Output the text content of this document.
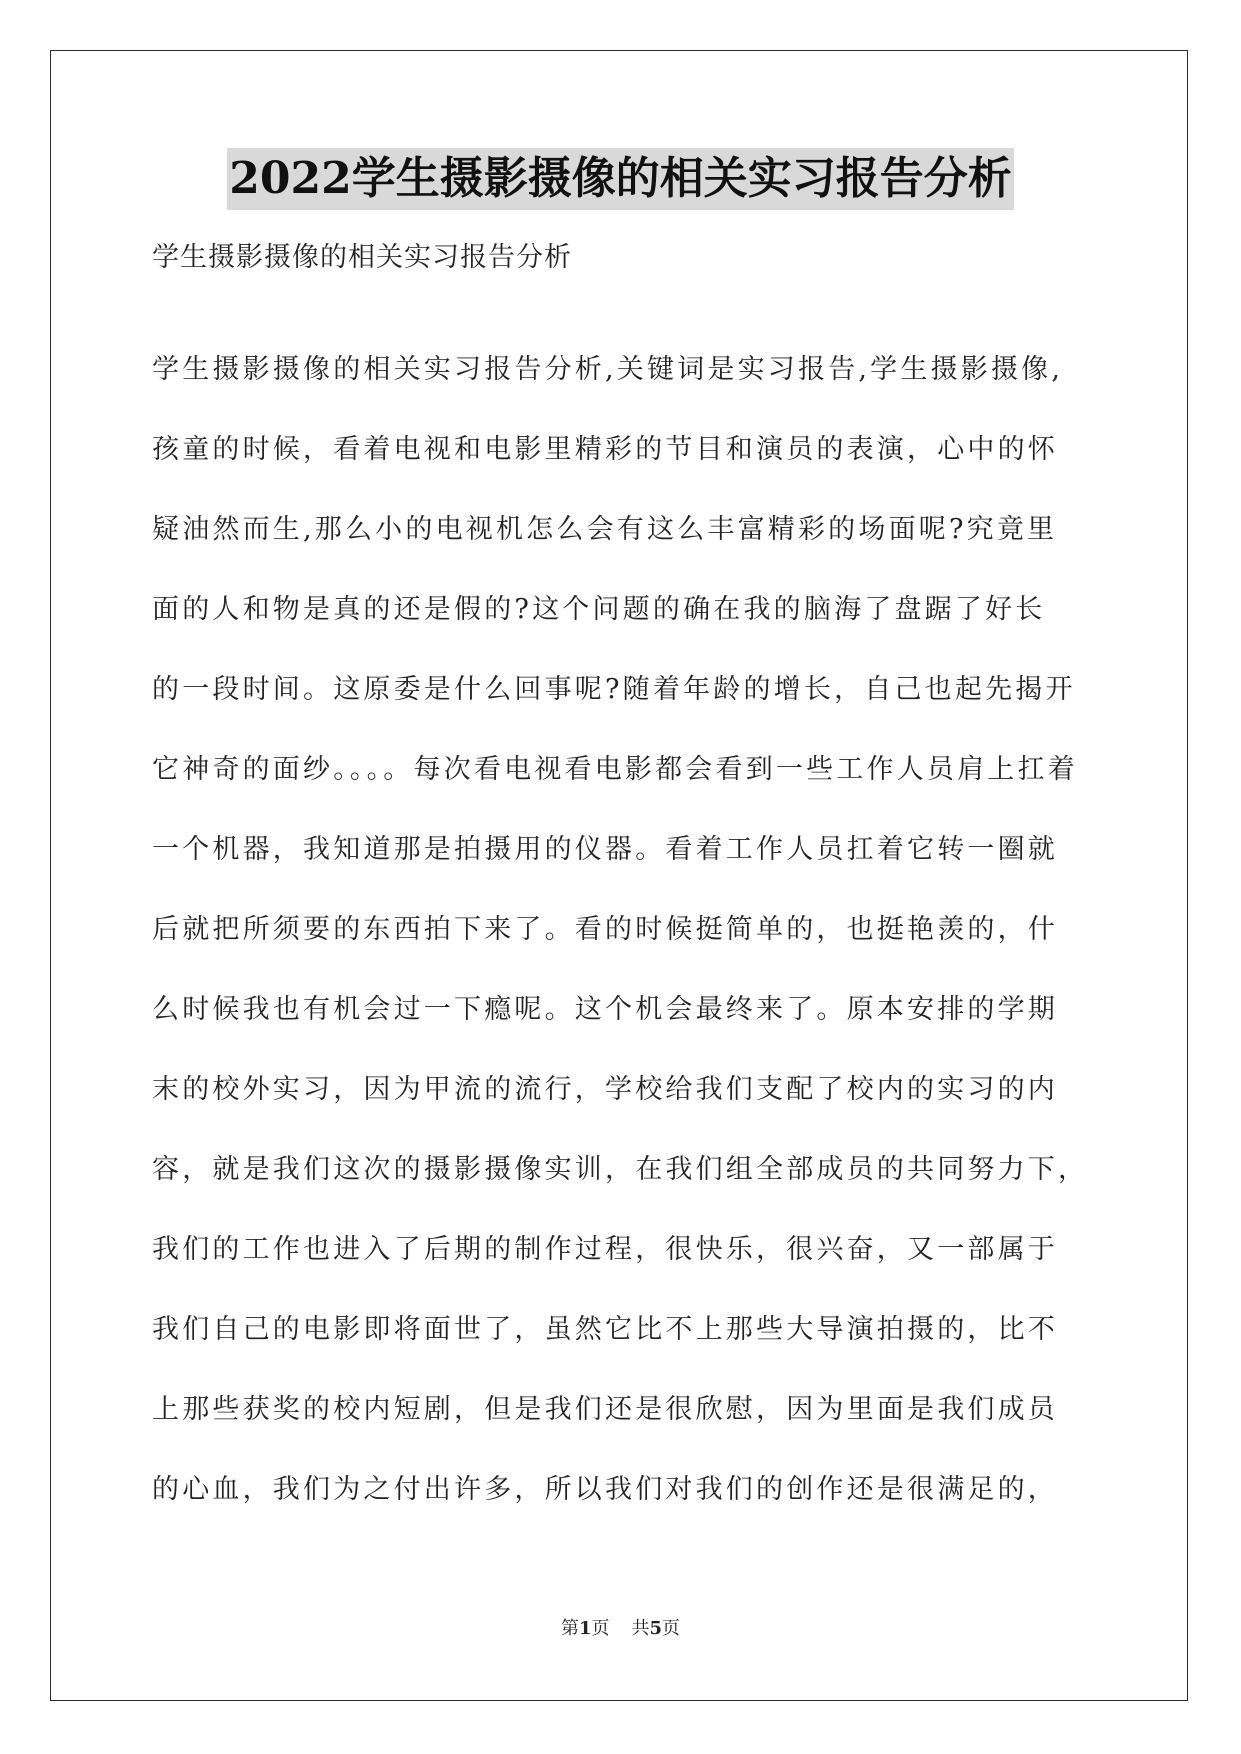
2022学生摄影摄像的相关实习报告分析
学生摄影摄像的相关实习报告分析
学生摄影摄像的相关实习报告分析,关键词是实习报告,学生摄影摄像,
孩童的时候，看着电视和电影里精彩的节目和演员的表演，心中的怀
疑油然而生,那么小的电视机怎么会有这么丰富精彩的场面呢?究竟里
面的人和物是真的还是假的?这个问题的确在我的脑海了盘踞了好长
的一段时间。这原委是什么回事呢?随着年龄的增长，自己也起先揭开
它神奇的面纱。。。。每次看电视看电影都会看到一些工作人员肩上扛着
一个机器，我知道那是拍摄用的仪器。看着工作人员扛着它转一圈就
后就把所须要的东西拍下来了。看的时候挺简单的，也挺艳羡的，什
么时候我也有机会过一下瘾呢。这个机会最终来了。原本安排的学期
末的校外实习，因为甲流的流行，学校给我们支配了校内的实习的内
容，就是我们这次的摄影摄像实训，在我们组全部成员的共同努力下，
我们的工作也进入了后期的制作过程，很快乐，很兴奋，又一部属于
我们自己的电影即将面世了，虽然它比不上那些大导演拍摄的，比不
上那些获奖的校内短剧，但是我们还是很欣慰，因为里面是我们成员
的心血，我们为之付出许多，所以我们对我们的创作还是很满足的，
第1页 共5页
